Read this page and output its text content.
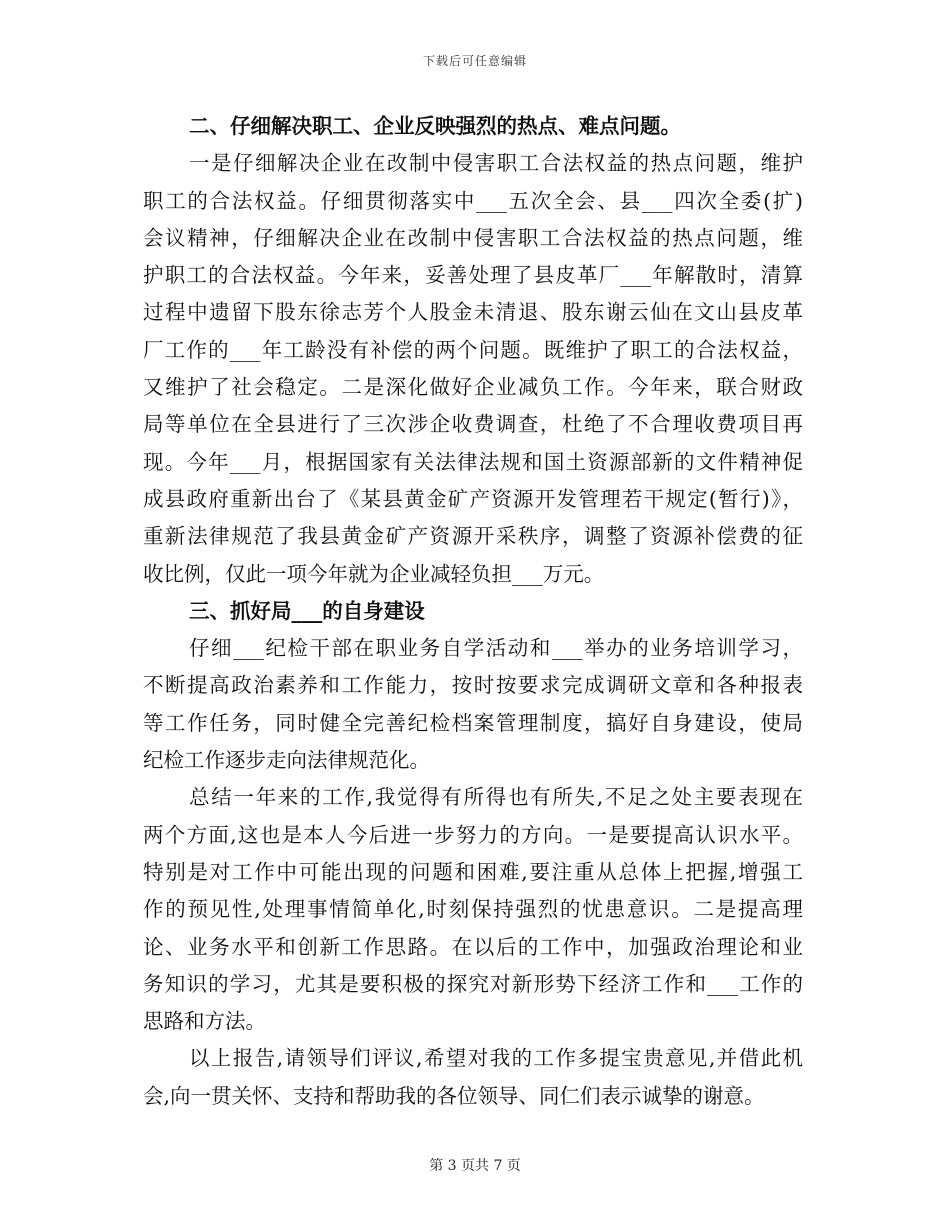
下载后可任意编辑
二、仔细解决职工、企业反映强烈的热点、难点问题。
一是仔细解决企业在改制中侵害职工合法权益的热点问题，维护
职工的合法权益。仔细贯彻落实中___五次全会、县___四次全委(扩)
会议精神，仔细解决企业在改制中侵害职工合法权益的热点问题，维
护职工的合法权益。今年来，妥善处理了县皮革厂___年解散时，清算
过程中遗留下股东徐志芳个人股金未清退、股东谢云仙在文山县皮革
厂工作的___年工龄没有补偿的两个问题。既维护了职工的合法权益，
又维护了社会稳定。二是深化做好企业减负工作。今年来，联合财政
局等单位在全县进行了三次涉企收费调查，杜绝了不合理收费项目再
现。今年___月，根据国家有关法律法规和国土资源部新的文件精神促
成县政府重新出台了《某县黄金矿产资源开发管理若干规定(暂行)》，
重新法律规范了我县黄金矿产资源开采秩序，调整了资源补偿费的征
收比例，仅此一项今年就为企业减轻负担___万元。
三、抓好局___的自身建设
仔细___纪检干部在职业务自学活动和___举办的业务培训学习，
不断提高政治素养和工作能力，按时按要求完成调研文章和各种报表
等工作任务，同时健全完善纪检档案管理制度，搞好自身建设，使局
纪检工作逐步走向法律规范化。
总结一年来的工作,我觉得有所得也有所失,不足之处主要表现在
两个方面,这也是本人今后进一步努力的方向。一是要提高认识水平。
特别是对工作中可能出现的问题和困难,要注重从总体上把握,增强工
作的预见性,处理事情简单化,时刻保持强烈的忧患意识。二是提高理
论、业务水平和创新工作思路。在以后的工作中，加强政治理论和业
务知识的学习，尤其是要积极的探究对新形势下经济工作和___工作的
思路和方法。
以上报告,请领导们评议,希望对我的工作多提宝贵意见,并借此机
会,向一贯关怀、支持和帮助我的各位领导、同仁们表示诚挚的谢意。
第 3 页共 7 页
